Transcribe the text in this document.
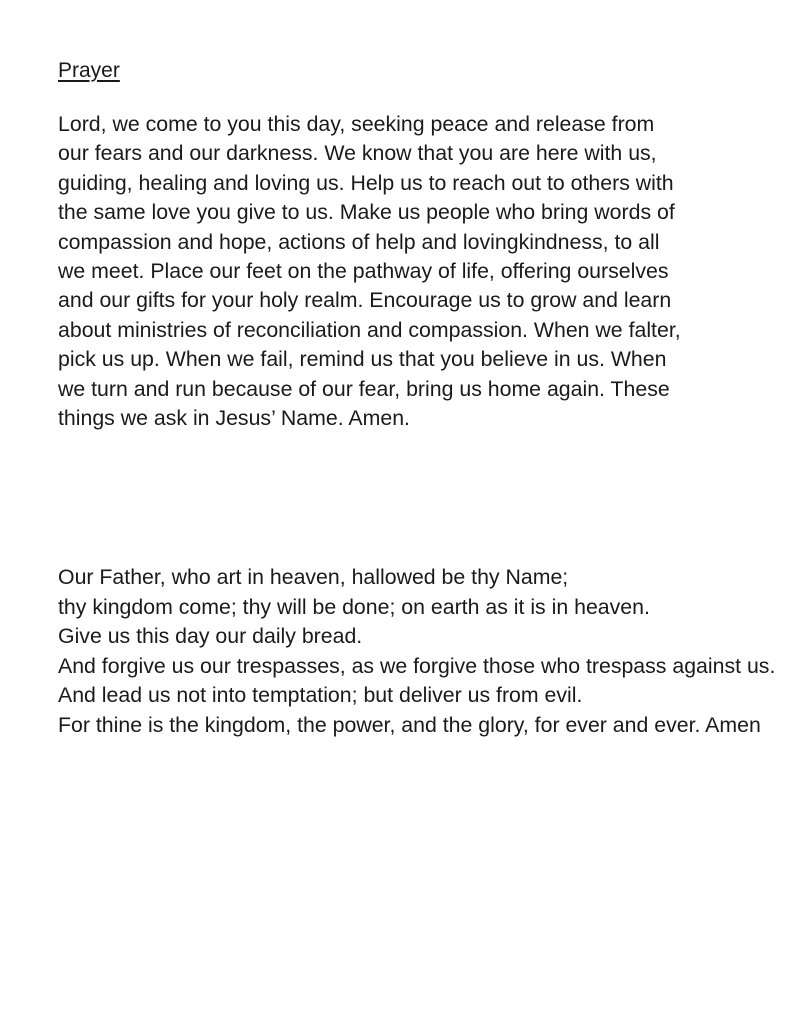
Prayer
Lord, we come to you this day, seeking peace and release from
our fears and our darkness. We know that you are here with us,
guiding, healing and loving us. Help us to reach out to others with
the same love you give to us. Make us people who bring words of
compassion and hope, actions of help and lovingkindness, to all
we meet. Place our feet on the pathway of life, offering ourselves
and our gifts for your holy realm. Encourage us to grow and learn
about ministries of reconciliation and compassion. When we falter,
pick us up. When we fail, remind us that you believe in us. When
we turn and run because of our fear, bring us home again. These
things we ask in Jesus’ Name. Amen.
Our Father, who art in heaven, hallowed be thy Name;
thy kingdom come; thy will be done; on earth as it is in heaven.
Give us this day our daily bread.
And forgive us our trespasses, as we forgive those who trespass against us.
And lead us not into temptation; but deliver us from evil.
For thine is the kingdom, the power, and the glory, for ever and ever. Amen
